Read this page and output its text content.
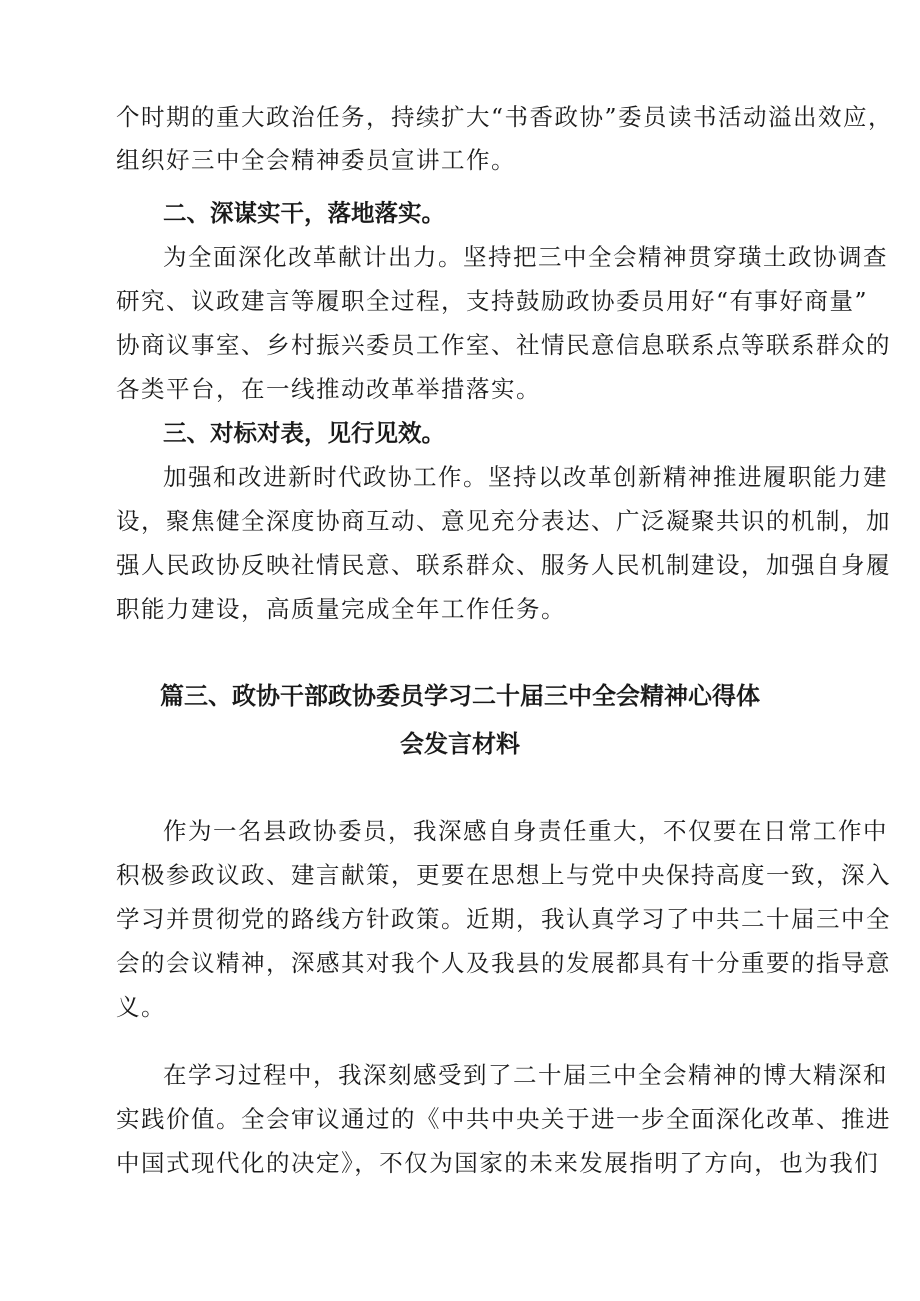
个时期的重大政治任务，持续扩大“书香政协”委员读书活动溢出效应，
组织好三中全会精神委员宣讲工作。
二、深谋实干，落地落实。
为全面深化改革献计出力。坚持把三中全会精神贯穿璜土政协调查
研究、议政建言等履职全过程，支持鼓励政协委员用好“有事好商量”
协商议事室、乡村振兴委员工作室、社情民意信息联系点等联系群众的
各类平台，在一线推动改革举措落实。
三、对标对表，见行见效。
加强和改进新时代政协工作。坚持以改革创新精神推进履职能力建
设，聚焦健全深度协商互动、意见充分表达、广泛凝聚共识的机制，加
强人民政协反映社情民意、联系群众、服务人民机制建设，加强自身履
职能力建设，高质量完成全年工作任务。
篇三、政协干部政协委员学习二十届三中全会精神心得体
会发言材料
作为一名县政协委员，我深感自身责任重大，不仅要在日常工作中
积极参政议政、建言献策，更要在思想上与党中央保持高度一致，深入
学习并贯彻党的路线方针政策。近期，我认真学习了中共二十届三中全
会的会议精神，深感其对我个人及我县的发展都具有十分重要的指导意
义。
在学习过程中，我深刻感受到了二十届三中全会精神的博大精深和
实践价值。全会审议通过的《中共中央关于进一步全面深化改革、推进
中国式现代化的决定》，不仅为国家的未来发展指明了方向，也为我们
